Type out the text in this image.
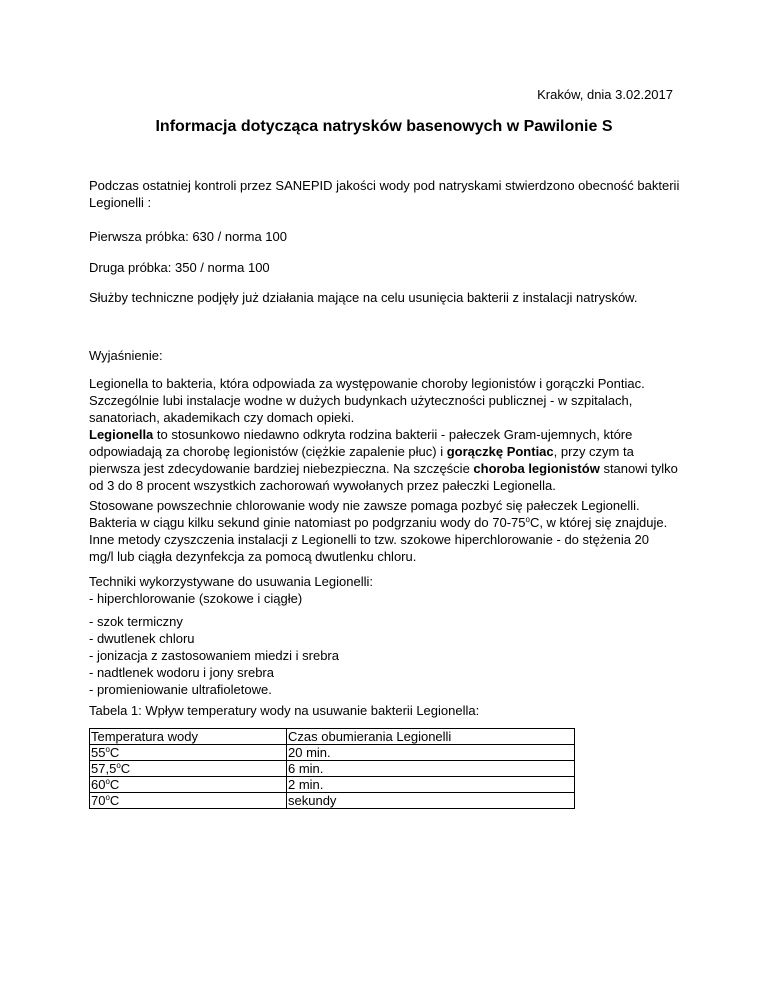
Kraków, dnia 3.02.2017
Informacja dotycząca natrysków basenowych w Pawilonie S
Podczas ostatniej kontroli przez SANEPID jakości wody pod natryskami stwierdzono obecność bakterii
Legionelli :
Pierwsza próbka: 630 / norma 100
Druga próbka: 350 / norma 100
Służby techniczne podjęły już działania mające na celu usunięcia bakterii z instalacji natrysków.
Wyjaśnienie:
Legionella to bakteria, która odpowiada za występowanie choroby legionistów i gorączki Pontiac.
Szczególnie lubi instalacje wodne w dużych budynkach użyteczności publicznej - w szpitalach,
sanatoriach, akademikach czy domach opieki.
Legionella to stosunkowo niedawno odkryta rodzina bakterii - pałeczek Gram-ujemnych, które
odpowiadają za chorobę legionistów (ciężkie zapalenie płuc) i gorączkę Pontiac, przy czym ta
pierwsza jest zdecydowanie bardziej niebezpieczna. Na szczęście choroba legionistów stanowi tylko
od 3 do 8 procent wszystkich zachorowań wywołanych przez pałeczki Legionella.
Stosowane powszechnie chlorowanie wody nie zawsze pomaga pozbyć się pałeczek Legionelli.
Bakteria w ciągu kilku sekund ginie natomiast po podgrzaniu wody do 70-75$^o$C, w której się znajduje.
Inne metody czyszczenia instalacji z Legionelli to tzw. szokowe hiperchlorowanie - do stężenia 20
mg/l lub ciągła dezynfekcja za pomocą dwutlenku chloru.
Techniki wykorzystywane do usuwania Legionelli:
- hiperchlorowanie (szokowe i ciągłe)
- szok termiczny
- dwutlenek chloru
- jonizacja z zastosowaniem miedzi i srebra
- nadtlenek wodoru i jony srebra
- promieniowanie ultrafioletowe.
Tabela 1: Wpływ temperatury wody na usuwanie bakterii Legionella:
Temperatura wody	Czas obumierania Legionelli
55$^o$C	20 min.
57,5$^o$C	6 min.
60$^o$C	2 min.
70$^o$C	sekundy
